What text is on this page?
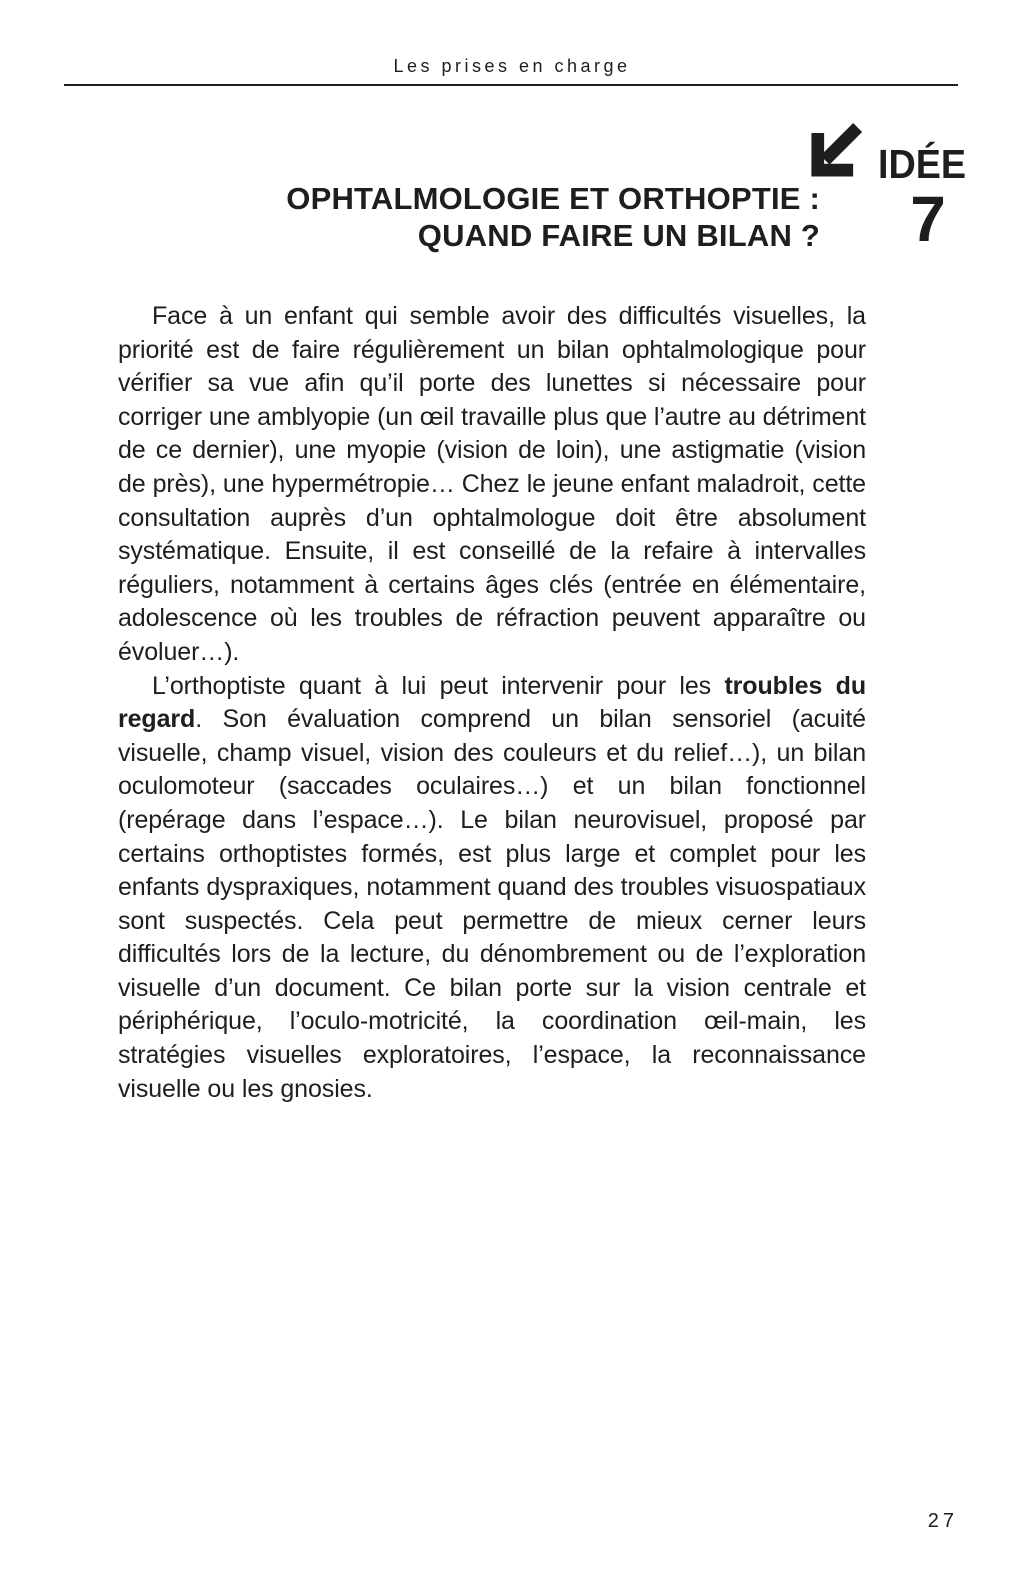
Les prises en charge
IDÉE
7
OPHTALMOLOGIE ET ORTHOPTIE :
QUAND FAIRE UN BILAN ?

Face à un enfant qui semble avoir des difficultés visuelles, la priorité est de faire régulièrement un bilan ophtalmologique pour vérifier sa vue afin qu’il porte des lunettes si nécessaire pour corriger une amblyopie (un œil travaille plus que l’autre au détriment de ce dernier), une myopie (vision de loin), une astigmatie (vision de près), une hypermétropie… Chez le jeune enfant maladroit, cette consultation auprès d’un ophtalmologue doit être absolument systématique. Ensuite, il est conseillé de la refaire à intervalles réguliers, notamment à certains âges clés (entrée en élémentaire, adolescence où les troubles de réfraction peuvent apparaître ou évoluer…).

L’orthoptiste quant à lui peut intervenir pour les troubles du regard. Son évaluation comprend un bilan sensoriel (acuité visuelle, champ visuel, vision des couleurs et du relief…), un bilan oculomoteur (saccades oculaires…) et un bilan fonctionnel (repérage dans l’espace…). Le bilan neurovisuel, proposé par certains orthoptistes formés, est plus large et complet pour les enfants dyspraxiques, notamment quand des troubles visuospatiaux sont suspectés. Cela peut permettre de mieux cerner leurs difficultés lors de la lecture, du dénombrement ou de l’exploration visuelle d’un document. Ce bilan porte sur la vision centrale et périphérique, l’oculo-motricité, la coordination œil-main, les stratégies visuelles exploratoires, l’espace, la reconnaissance visuelle ou les gnosies.

27
